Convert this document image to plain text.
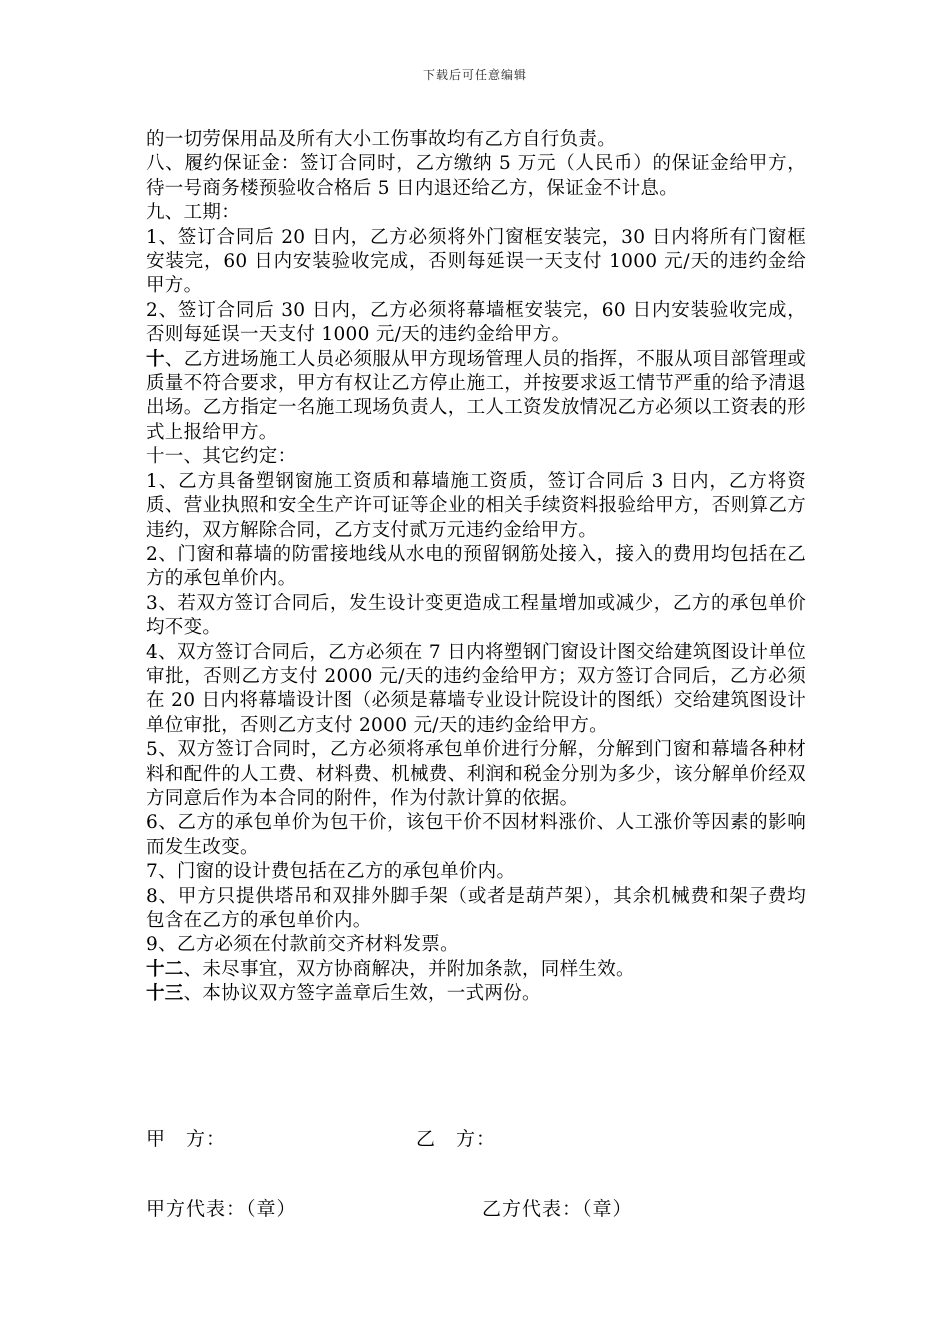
下载后可任意编辑

的一切劳保用品及所有大小工伤事故均有乙方自行负责。

八、履约保证金：签订合同时，乙方缴纳 5 万元（人民币）的保证金给甲方，待一号商务楼预验收合格后 5 日内退还给乙方，保证金不计息。

九、工期：

1、签订合同后 20 日内，乙方必须将外门窗框安装完，30 日内将所有门窗框安装完，60 日内安装验收完成，否则每延误一天支付 1000 元/天的违约金给甲方。

2、签订合同后 30 日内，乙方必须将幕墙框安装完，60 日内安装验收完成，否则每延误一天支付 1000 元/天的违约金给甲方。

十、乙方进场施工人员必须服从甲方现场管理人员的指挥，不服从项目部管理或质量不符合要求，甲方有权让乙方停止施工，并按要求返工情节严重的给予清退出场。乙方指定一名施工现场负责人，工人工资发放情况乙方必须以工资表的形式上报给甲方。

十一、其它约定：

1、乙方具备塑钢窗施工资质和幕墙施工资质，签订合同后 3 日内，乙方将资质、营业执照和安全生产许可证等企业的相关手续资料报验给甲方，否则算乙方违约，双方解除合同，乙方支付贰万元违约金给甲方。

2、门窗和幕墙的防雷接地线从水电的预留钢筋处接入，接入的费用均包括在乙方的承包单价内。

3、若双方签订合同后，发生设计变更造成工程量增加或减少，乙方的承包单价均不变。

4、双方签订合同后，乙方必须在 7 日内将塑钢门窗设计图交给建筑图设计单位审批，否则乙方支付 2000 元/天的违约金给甲方；双方签订合同后，乙方必须在 20 日内将幕墙设计图（必须是幕墙专业设计院设计的图纸）交给建筑图设计单位审批，否则乙方支付 2000 元/天的违约金给甲方。

5、双方签订合同时，乙方必须将承包单价进行分解，分解到门窗和幕墙各种材料和配件的人工费、材料费、机械费、利润和税金分别为多少，该分解单价经双方同意后作为本合同的附件，作为付款计算的依据。

6、乙方的承包单价为包干价，该包干价不因材料涨价、人工涨价等因素的影响而发生改变。

7、门窗的设计费包括在乙方的承包单价内。

8、甲方只提供塔吊和双排外脚手架（或者是葫芦架），其余机械费和架子费均包含在乙方的承包单价内。

9、乙方必须在付款前交齐材料发票。

十二、未尽事宜，双方协商解决，并附加条款，同样生效。

十三、本协议双方签字盖章后生效，一式两份。

甲　方：	乙　方：
甲方代表：（章）	乙方代表：（章）
